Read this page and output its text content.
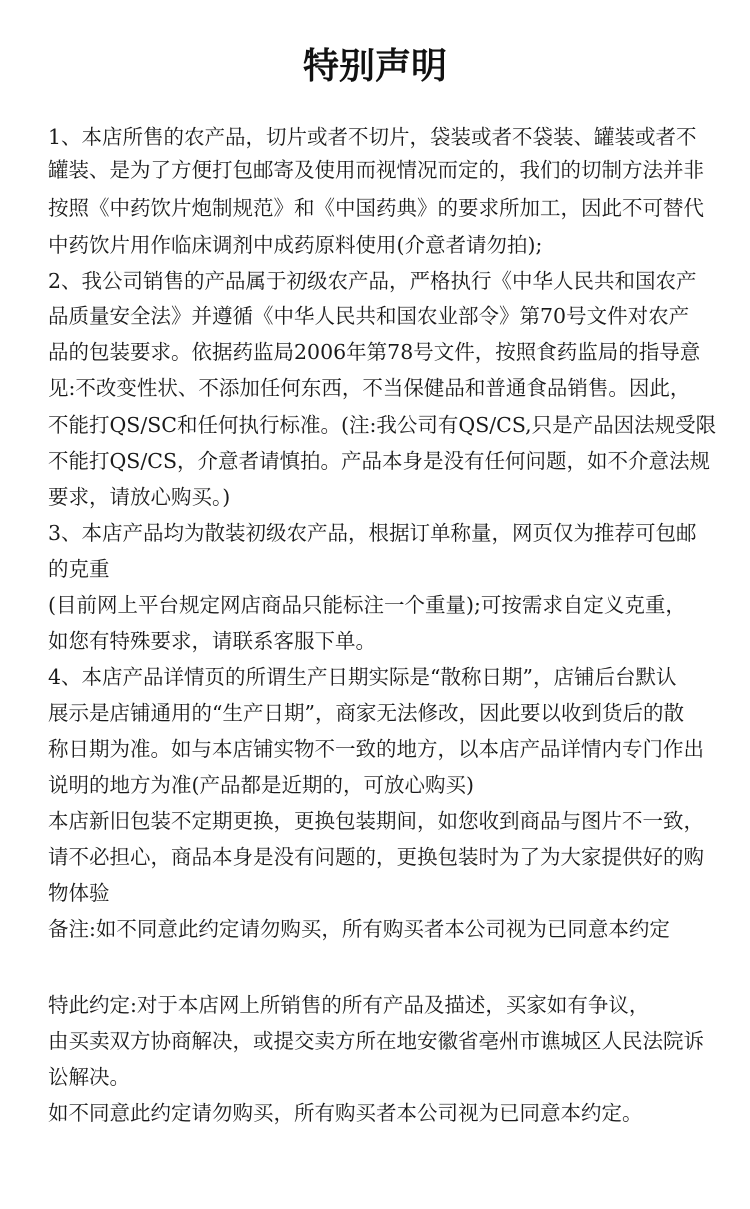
特别声明
1、本店所售的农产品，切片或者不切片，袋装或者不袋装、罐装或者不
罐装、是为了方便打包邮寄及使用而视情况而定的，我们的切制方法并非
按照《中药饮片炮制规范》和《中国药典》的要求所加工，因此不可替代
中药饮片用作临床调剂中成药原料使用(介意者请勿拍);
2、我公司销售的产品属于初级农产品，严格执行《中华人民共和国农产
品质量安全法》并遵循《中华人民共和国农业部令》第70号文件对农产
品的包装要求。依据药监局2006年第78号文件，按照食药监局的指导意
见:不改变性状、不添加任何东西，不当保健品和普通食品销售。因此，
不能打QS/SC和任何执行标准。(注:我公司有QS/CS,只是产品因法规受限
不能打QS/CS，介意者请慎拍。产品本身是没有任何问题，如不介意法规
要求，请放心购买。)
3、本店产品均为散装初级农产品，根据订单称量，网页仅为推荐可包邮
的克重
(目前网上平台规定网店商品只能标注一个重量);可按需求自定义克重，
如您有特殊要求，请联系客服下单。
4、本店产品详情页的所谓生产日期实际是“散称日期”，店铺后台默认
展示是店铺通用的“生产日期”，商家无法修改，因此要以收到货后的散
称日期为准。如与本店铺实物不一致的地方，以本店产品详情内专门作出
说明的地方为准(产品都是近期的，可放心购买)
本店新旧包装不定期更换，更换包装期间，如您收到商品与图片不一致，
请不必担心，商品本身是没有问题的，更换包装时为了为大家提供好的购
物体验
备注:如不同意此约定请勿购买，所有购买者本公司视为已同意本约定
特此约定:对于本店网上所销售的所有产品及描述，买家如有争议，
由买卖双方协商解决，或提交卖方所在地安徽省亳州市谯城区人民法院诉
讼解决。
如不同意此约定请勿购买，所有购买者本公司视为已同意本约定。
